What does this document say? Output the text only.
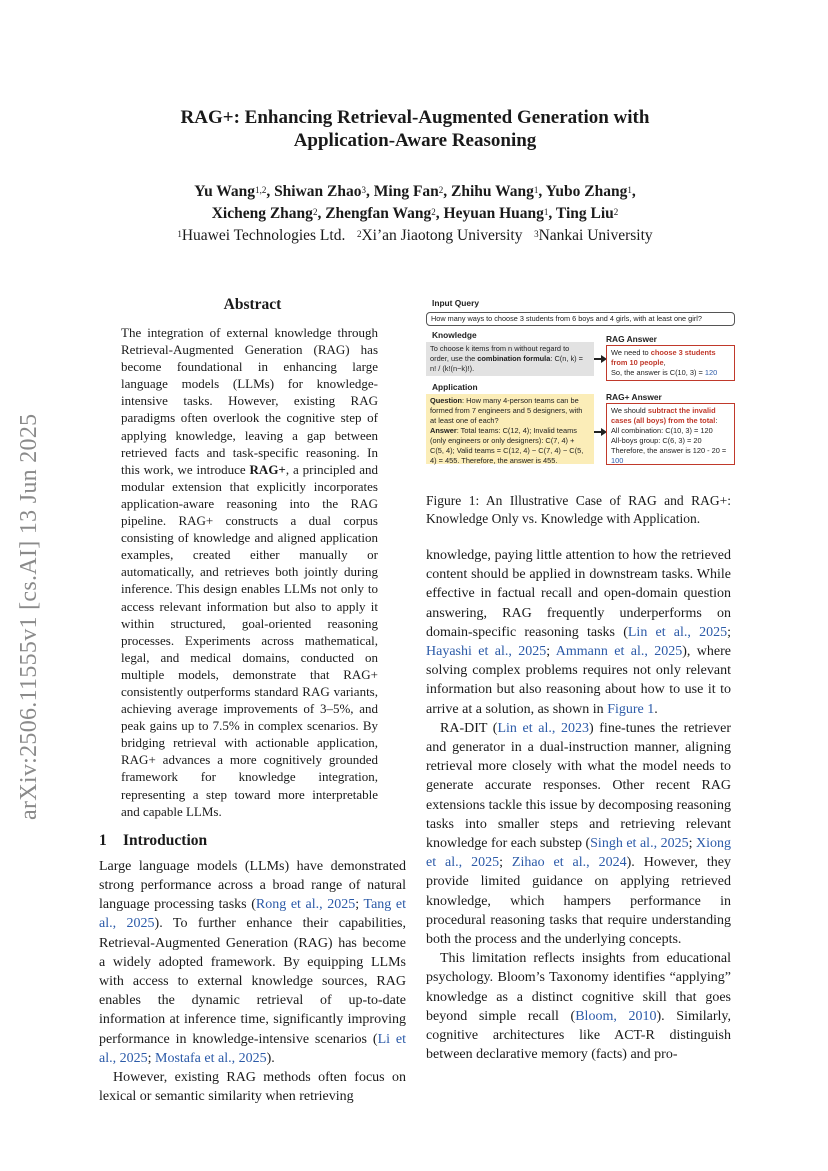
arXiv:2506.11555v1 [cs.AI] 13 Jun 2025
RAG+: Enhancing Retrieval-Augmented Generation with
Application-Aware Reasoning
Yu Wang$^{1,2}$, Shiwan Zhao$^3$, Ming Fan$^2$, Zhihu Wang$^1$, Yubo Zhang$^1$,
Xicheng Zhang$^2$, Zhengfan Wang$^2$, Heyuan Huang$^1$, Ting Liu$^2$
$^1$Huawei Technologies Ltd. $^2$Xi’an Jiaotong University $^3$Nankai University
Abstract
The integration of external knowledge through Retrieval-Augmented Generation (RAG) has become foundational in enhancing large language models (LLMs) for knowledge-intensive tasks. However, existing RAG paradigms often overlook the cognitive step of applying knowledge, leaving a gap between retrieved facts and task-specific reasoning. In this work, we introduce RAG+, a principled and modular extension that explicitly incorporates application-aware reasoning into the RAG pipeline. RAG+ constructs a dual corpus consisting of knowledge and aligned application examples, created either manually or automatically, and retrieves both jointly during inference. This design enables LLMs not only to access relevant information but also to apply it within structured, goal-oriented reasoning processes. Experiments across mathematical, legal, and medical domains, conducted on multiple models, demonstrate that RAG+ consistently outperforms standard RAG variants, achieving average improvements of 3–5%, and peak gains up to 7.5% in complex scenarios. By bridging retrieval with actionable application, RAG+ advances a more cognitively grounded framework for knowledge integration, representing a step toward more interpretable and capable LLMs.
1 Introduction

Large language models (LLMs) have demonstrated strong performance across a broad range of natural language processing tasks (Rong et al., 2025; Tang et al., 2025). To further enhance their capabilities, Retrieval-Augmented Generation (RAG) has become a widely adopted framework. By equipping LLMs with access to external knowledge sources, RAG enables the dynamic retrieval of up-to-date information at inference time, significantly improving performance in knowledge-intensive scenarios (Li et al., 2025; Mostafa et al., 2025).

However, existing RAG methods often focus on lexical or semantic similarity when retrieving

Input Query
How many ways to choose 3 students from 6 boys and 4 girls, with at least one girl?
Knowledge
To choose k items from n without regard to order, use the combination formula: C(n, k) = n! / (k!(n−k)!).
RAG Answer
We need to choose 3 students from 10 people,
So, the answer is C(10, 3) = 120
Application
Question: How many 4-person teams can be formed from 7 engineers and 5 designers, with at least one of each?
Answer: Total teams: C(12, 4); Invalid teams (only engineers or only designers): C(7, 4) + C(5, 4); Valid teams = C(12, 4) − C(7, 4) − C(5, 4) = 455. Therefore, the answer is 455.
RAG+ Answer
We should subtract the invalid cases (all boys) from the total:
All combination: C(10, 3) = 120
All-boys group: C(6, 3) = 20
Therefore, the answer is 120 - 20 = 100
Figure 1: An Illustrative Case of RAG and RAG+: Knowledge Only vs. Knowledge with Application.

knowledge, paying little attention to how the retrieved content should be applied in downstream tasks. While effective in factual recall and open-domain question answering, RAG frequently underperforms on domain-specific reasoning tasks (Lin et al., 2025; Hayashi et al., 2025; Ammann et al., 2025), where solving complex problems requires not only relevant information but also reasoning about how to use it to arrive at a solution, as shown in Figure 1.

RA-DIT (Lin et al., 2023) fine-tunes the retriever and generator in a dual-instruction manner, aligning retrieval more closely with what the model needs to generate accurate responses. Other recent RAG extensions tackle this issue by decomposing reasoning tasks into smaller steps and retrieving relevant knowledge for each substep (Singh et al., 2025; Xiong et al., 2025; Zihao et al., 2024). However, they provide limited guidance on applying retrieved knowledge, which hampers performance in procedural reasoning tasks that require understanding both the process and the underlying concepts.

This limitation reflects insights from educational psychology. Bloom’s Taxonomy identifies “applying” knowledge as a distinct cognitive skill that goes beyond simple recall (Bloom, 2010). Similarly, cognitive architectures like ACT-R distinguish between declarative memory (facts) and pro-
